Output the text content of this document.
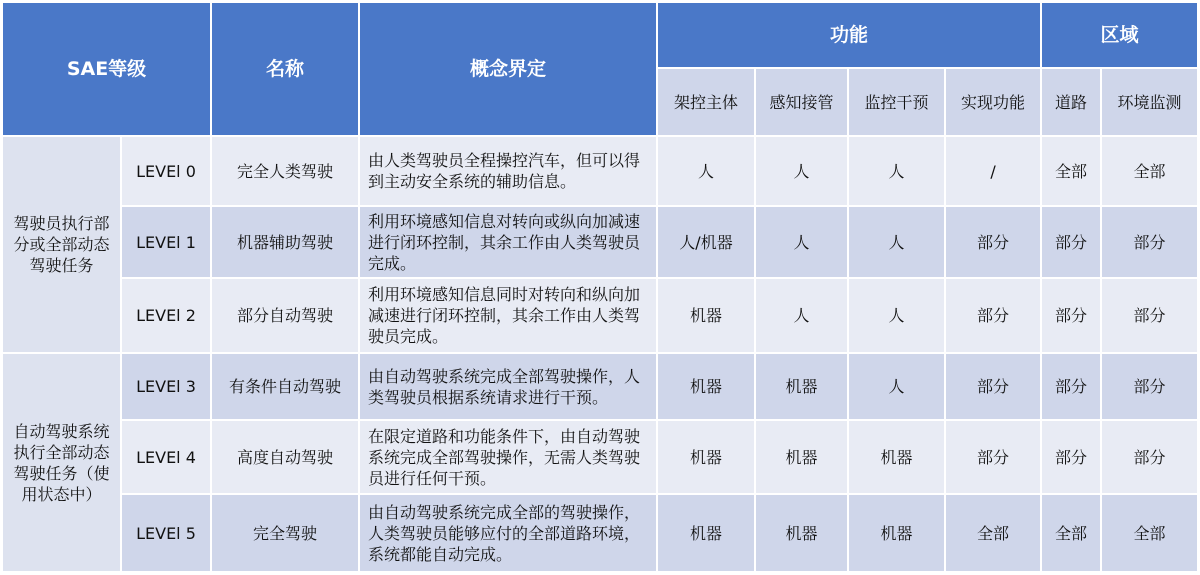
SAE等级		名称	概念界定	功能				区域	
				架控主体	感知接管	监控干预	实现功能	道路	环境监测
驾驶员执行部分或全部动态驾驶任务	LEVEl 0	完全人类驾驶	由人类驾驶员全程操控汽车，但可以得到主动安全系统的辅助信息。	人	人	人	/	全部	全部
	LEVEl 1	机器辅助驾驶	利用环境感知信息对转向或纵向加减速进行闭环控制，其余工作由人类驾驶员完成。	人/机器	人	人	部分	部分	部分
	LEVEl 2	部分自动驾驶	利用环境感知信息同时对转向和纵向加减速进行闭环控制，其余工作由人类驾驶员完成。	机器	人	人	部分	部分	部分
自动驾驶系统执行全部动态驾驶任务（使用状态中）	LEVEl 3	有条件自动驾驶	由自动驾驶系统完成全部驾驶操作，人类驾驶员根据系统请求进行干预。	机器	机器	人	部分	部分	部分
	LEVEl 4	高度自动驾驶	在限定道路和功能条件下，由自动驾驶系统完成全部驾驶操作，无需人类驾驶员进行任何干预。	机器	机器	机器	部分	部分	部分
	LEVEl 5	完全驾驶	由自动驾驶系统完成全部的驾驶操作，人类驾驶员能够应付的全部道路环境，系统都能自动完成。	机器	机器	机器	全部	全部	全部
